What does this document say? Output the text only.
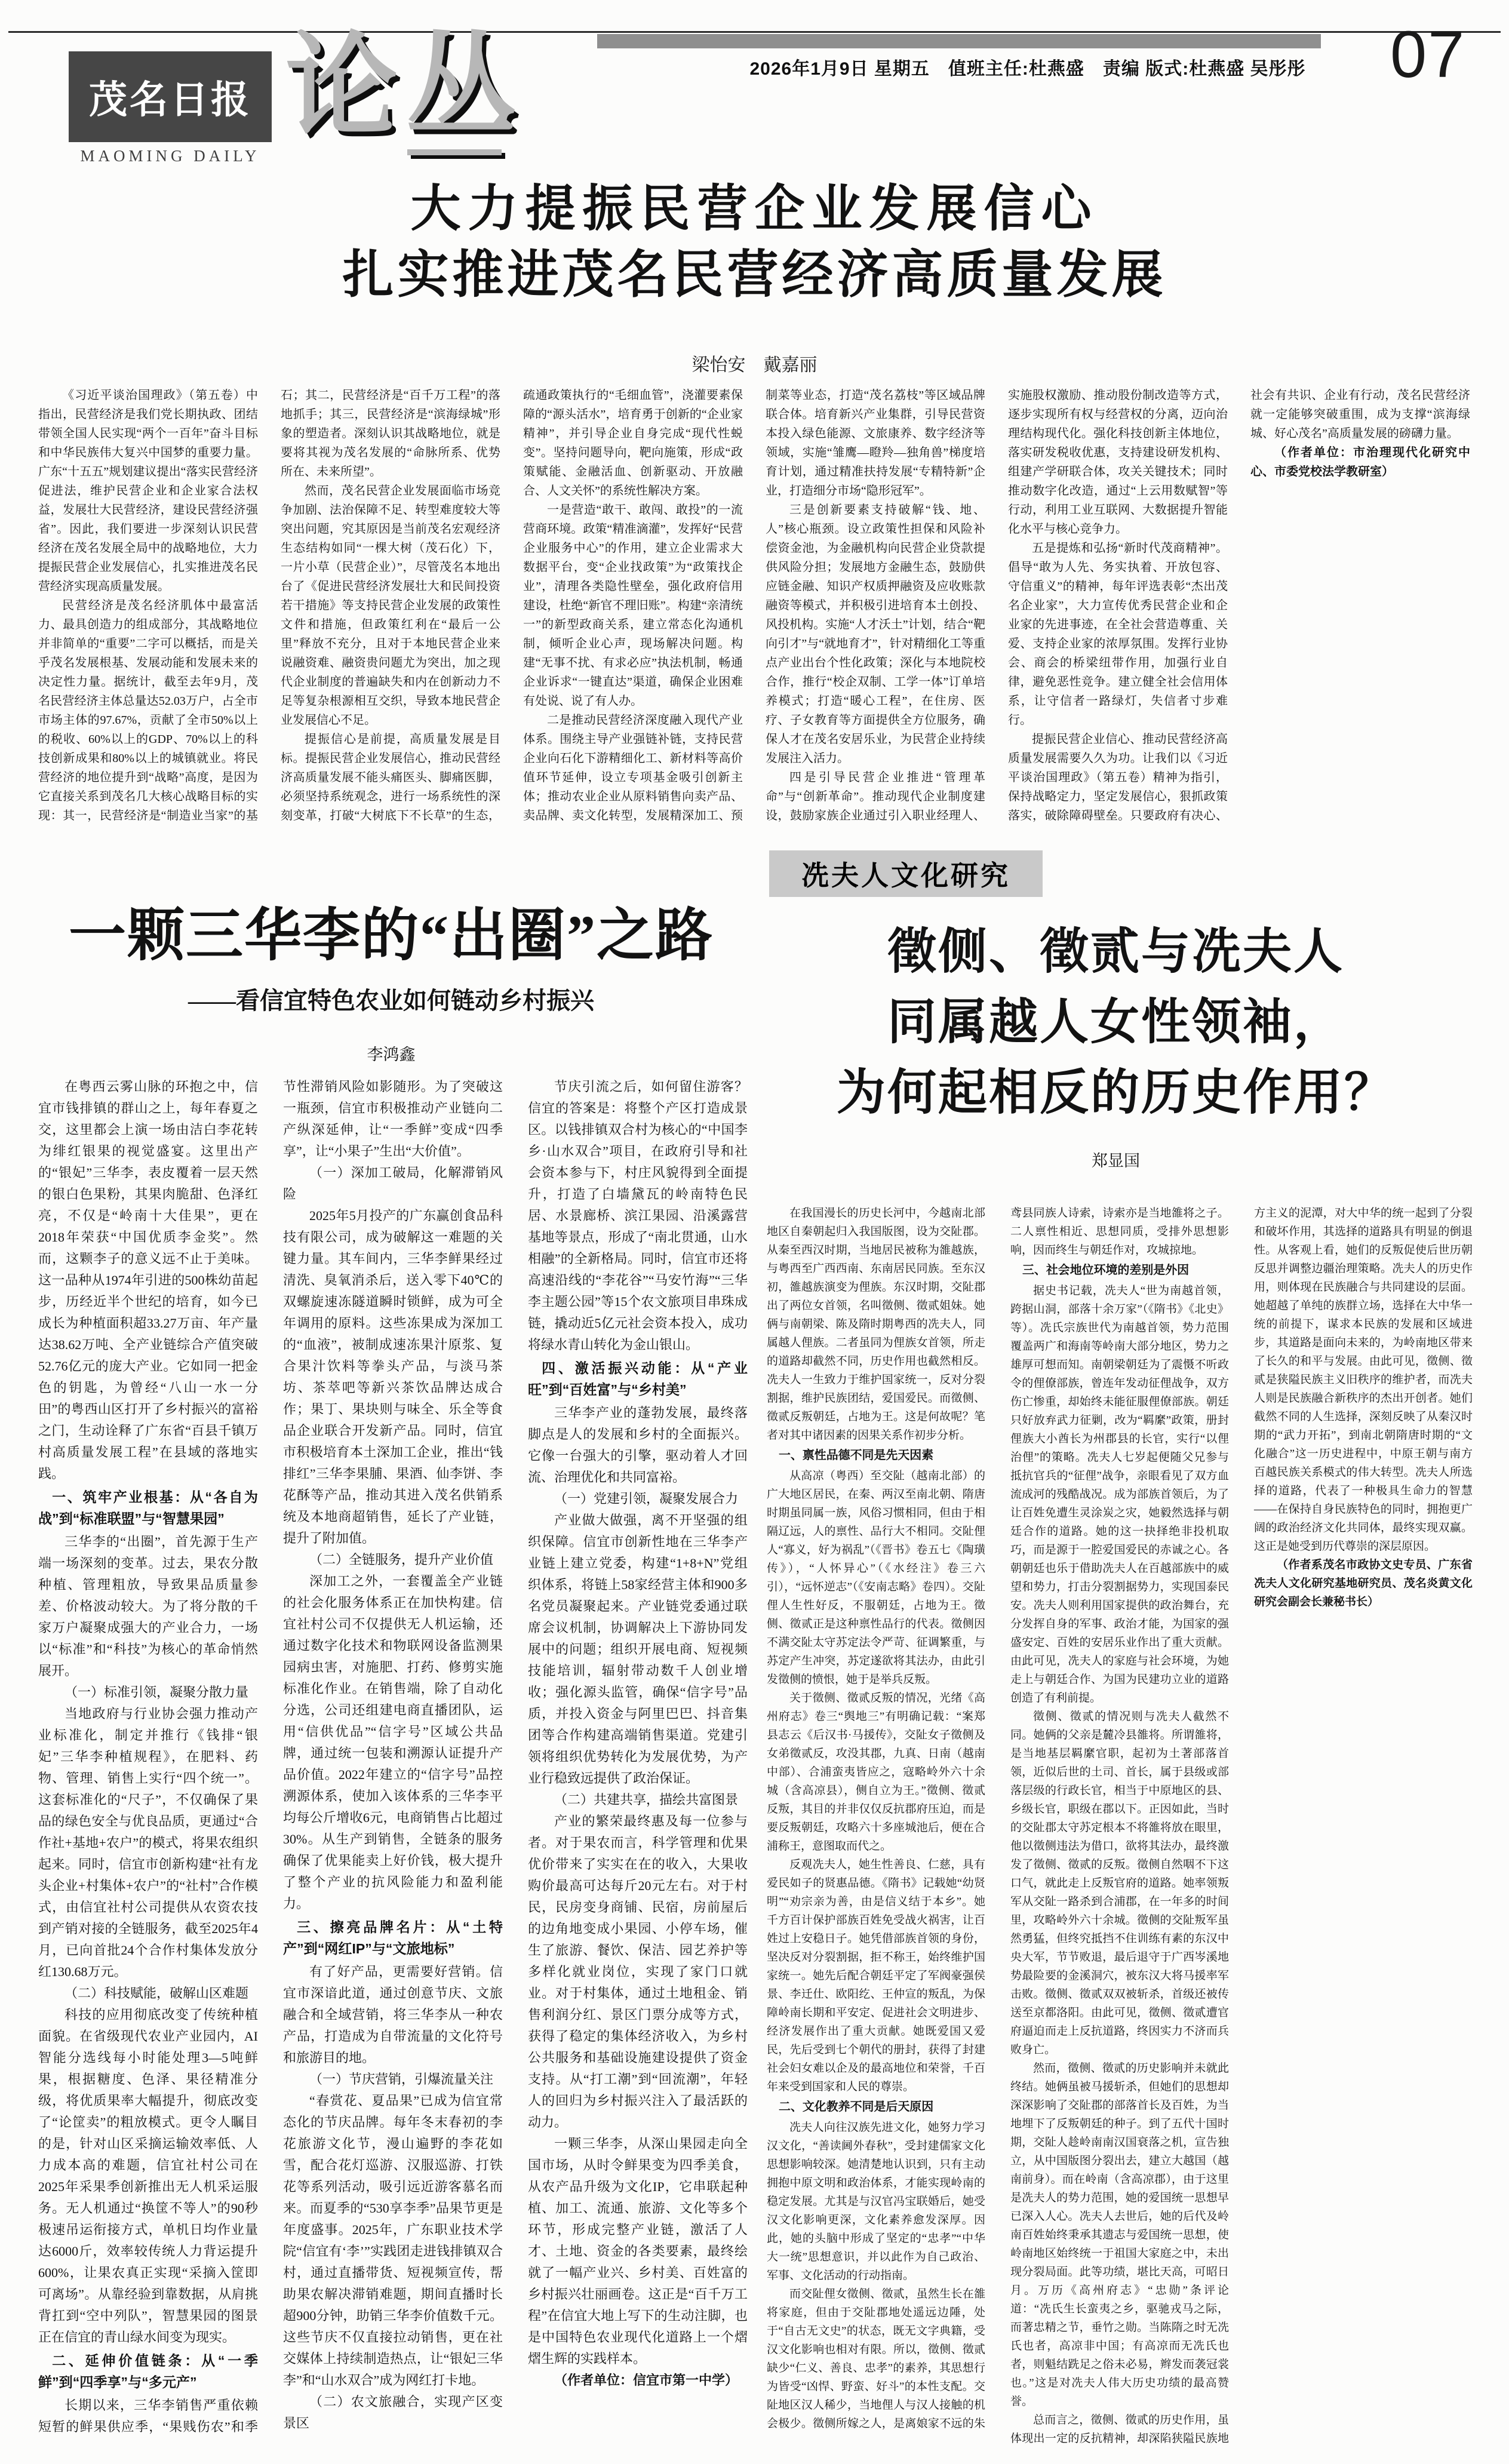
2026年1月9日 星期五　值班主任:杜燕盛　责编 版式:杜燕盛 吴彤彤 07
茂名日报
MAOMING DAILY
论丛
大力提振民营企业发展信心
扎实推进茂名民营经济高质量发展
梁怡安　戴嘉丽
《习近平谈治国理政》（第五卷）中指出，民营经济是我们党长期执政、团结带领全国人民实现“两个一百年”奋斗目标和中华民族伟大复兴中国梦的重要力量。广东“十五五”规划建议提出“落实民营经济促进法，维护民营企业和企业家合法权益，发展壮大民营经济，建设民营经济强省”。因此，我们要进一步深刻认识民营经济在茂名发展全局中的战略地位，大力提振民营企业发展信心，扎实推进茂名民营经济实现高质量发展。
民营经济是茂名经济肌体中最富活力、最具创造力的组成部分，其战略地位并非简单的“重要”二字可以概括，而是关乎茂名发展根基、发展动能和发展未来的决定性力量。据统计，截至去年9月，茂名民营经济主体总量达52.03万户，占全市市场主体的97.67%，贡献了全市50%以上的税收、60%以上的GDP、70%以上的科技创新成果和80%以上的城镇就业。将民营经济的地位提升到“战略”高度，是因为它直接关系到茂名几大核心战略目标的实现：其一，民营经济是“制造业当家”的基石；其二，民营经济是“百千万工程”的落地抓手；其三，民营经济是“滨海绿城”形象的塑造者。深刻认识其战略地位，就是要将其视为茂名发展的“命脉所系、优势所在、未来所望”。
然而，茂名民营企业发展面临市场竞争加剧、法治保障不足、转型难度较大等突出问题，究其原因是当前茂名宏观经济生态结构如同“一棵大树（茂石化）下，一片小草（民营企业）”，尽管茂名本地出台了《促进民营经济发展壮大和民间投资若干措施》等支持民营企业发展的政策性文件和措施，但政策红利在“最后一公里”释放不充分，且对于本地民营企业来说融资难、融资贵问题尤为突出，加之现代企业制度的普遍缺失和内在创新动力不足等复杂根源相互交织，导致本地民营企业发展信心不足。
提振信心是前提，高质量发展是目标。提振民营企业发展信心，推动民营经济高质量发展不能头痛医头、脚痛医脚，必须坚持系统观念，进行一场系统性的深刻变革，打破“大树底下不长草”的生态，疏通政策执行的“毛细血管”，浇灌要素保障的“源头活水”，培育勇于创新的“企业家精神”，并引导企业自身完成“现代性蜕变”。坚持问题导向，靶向施策，形成“政策赋能、金融活血、创新驱动、开放融合、人文关怀”的系统性解决方案。
一是营造“敢干、敢闯、敢投”的一流营商环境。政策“精准滴灌”，发挥好“民营企业服务中心”的作用，建立企业需求大数据平台，变“企业找政策”为“政策找企业”，清理各类隐性壁垒，强化政府信用建设，杜绝“新官不理旧账”。构建“亲清统一”的新型政商关系，建立常态化沟通机制，倾听企业心声，现场解决问题。构建“无事不扰、有求必应”执法机制，畅通企业诉求“一键直达”渠道，确保企业困难有处说、说了有人办。
二是推动民营经济深度融入现代产业体系。围绕主导产业强链补链，支持民营企业向石化下游精细化工、新材料等高价值环节延伸，设立专项基金吸引创新主体；推动农业企业从原料销售向卖产品、卖品牌、卖文化转型，发展精深加工、预制菜等业态，打造“茂名荔枝”等区域品牌联合体。培育新兴产业集群，引导民营资本投入绿色能源、文旅康养、数字经济等领域，实施“雏鹰—瞪羚—独角兽”梯度培育计划，通过精准扶持发展“专精特新”企业，打造细分市场“隐形冠军”。
三是创新要素支持破解“钱、地、人”核心瓶颈。设立政策性担保和风险补偿资金池，为金融机构向民营企业贷款提供风险分担；发展地方金融生态，鼓励供应链金融、知识产权质押融资及应收账款融资等模式，并积极引进培育本土创投、风投机构。实施“人才沃土”计划，结合“靶向引才”与“就地育才”，针对精细化工等重点产业出台个性化政策；深化与本地院校合作，推行“校企双制、工学一体”订单培养模式；打造“暖心工程”，在住房、医疗、子女教育等方面提供全方位服务，确保人才在茂名安居乐业，为民营企业持续发展注入活力。
四是引导民营企业推进“管理革命”与“创新革命”。推动现代企业制度建设，鼓励家族企业通过引入职业经理人、实施股权激励、推动股份制改造等方式，逐步实现所有权与经营权的分离，迈向治理结构现代化。强化科技创新主体地位，落实研发税收优惠，支持建设研发机构、组建产学研联合体，攻关关键技术；同时推动数字化改造，通过“上云用数赋智”等行动，利用工业互联网、大数据提升智能化水平与核心竞争力。
五是提炼和弘扬“新时代茂商精神”。倡导“敢为人先、务实执着、开放包容、守信重义”的精神，每年评选表彰“杰出茂名企业家”，大力宣传优秀民营企业和企业家的先进事迹，在全社会营造尊重、关爱、支持企业家的浓厚氛围。发挥行业协会、商会的桥梁纽带作用，加强行业自律，避免恶性竞争。建立健全社会信用体系，让守信者一路绿灯，失信者寸步难行。
提振民营企业信心、推动民营经济高质量发展需要久久为功。让我们以《习近平谈治国理政》（第五卷）精神为指引，保持战略定力，坚定发展信心，狠抓政策落实，破除障碍壁垒。只要政府有决心、社会有共识、企业有行动，茂名民营经济就一定能够突破重围，成为支撑“滨海绿城、好心茂名”高质量发展的磅礴力量。
（作者单位：市治理现代化研究中心、市委党校法学教研室）
一颗三华李的“出圈”之路
——看信宜特色农业如何链动乡村振兴
李鸿鑫
在粤西云雾山脉的环抱之中，信宜市钱排镇的群山之上，每年春夏之交，这里都会上演一场由洁白李花转为绯红银果的视觉盛宴。这里出产的“银妃”三华李，表皮覆着一层天然的银白色果粉，其果肉脆甜、色泽红亮，不仅是“岭南十大佳果”，更在2018年荣获“中国优质李金奖”。然而，这颗李子的意义远不止于美味。这一品种从1974年引进的500株幼苗起步，历经近半个世纪的培育，如今已成长为种植面积超33.27万亩、年产量达38.62万吨、全产业链综合产值突破52.76亿元的庞大产业。它如同一把金色的钥匙，为曾经“八山一水一分田”的粤西山区打开了乡村振兴的富裕之门，生动诠释了广东省“百县千镇万村高质量发展工程”在县域的落地实践。
一、筑牢产业根基：从“各自为战”到“标准联盟”与“智慧果园”
三华李的“出圈”，首先源于生产端一场深刻的变革。过去，果农分散种植、管理粗放，导致果品质量参差、价格波动较大。为了将分散的千家万户凝聚成强大的产业合力，一场以“标准”和“科技”为核心的革命悄然展开。
（一）标准引领，凝聚分散力量
当地政府与行业协会强力推动产业标准化，制定并推行《钱排“银妃”三华李种植规程》，在肥料、药物、管理、销售上实行“四个统一”。这套标准化的“尺子”，不仅确保了果品的绿色安全与优良品质，更通过“合作社+基地+农户”的模式，将果农组织起来。同时，信宜市创新构建“社有龙头企业+村集体+农户”的“社村”合作模式，由信宜社村公司提供从农资农技到产销对接的全链服务，截至2025年4月，已向首批24个合作村集体发放分红130.68万元。
（二）科技赋能，破解山区难题
科技的应用彻底改变了传统种植面貌。在省级现代农业产业园内，AI智能分选线每小时能处理3—5吨鲜果，根据糖度、色泽、果径精准分级，将优质果率大幅提升，彻底改变了“论筐卖”的粗放模式。更令人瞩目的是，针对山区采摘运输效率低、人力成本高的难题，信宜社村公司在2025年采果季创新推出无人机采运服务。无人机通过“换筐不等人”的90秒极速吊运衔接方式，单机日均作业量达6000斤，效率较传统人力背运提升600%，让果农真正实现“采摘入筐即可离场”。从靠经验到靠数据，从肩挑背扛到“空中列队”，智慧果园的图景正在信宜的青山绿水间变为现实。
二、延伸价值链条：从“一季鲜”到“四季享”与“多元产”
长期以来，三华李销售严重依赖短暂的鲜果供应季，“果贱伤农”和季节性滞销风险如影随形。为了突破这一瓶颈，信宜市积极推动产业链向二产纵深延伸，让“一季鲜”变成“四季享”，让“小果子”生出“大价值”。
（一）深加工破局，化解滞销风险
2025年5月投产的广东赢创食品科技有限公司，成为破解这一难题的关键力量。其车间内，三华李鲜果经过清洗、臭氧消杀后，送入零下40℃的双螺旋速冻隧道瞬时锁鲜，成为可全年调用的原料。这些冻果成为深加工的“血液”，被制成速冻果汁原浆、复合果汁饮料等拳头产品，与淡马茶坊、茶萃吧等新兴茶饮品牌达成合作；果丁、果块则与味全、乐全等食品企业联合开发新产品。同时，信宜市积极培育本土深加工企业，推出“钱排红”三华李果脯、果酒、仙李饼、李花酥等产品，推动其进入茂名供销系统及本地商超销售，延长了产业链，提升了附加值。
（二）全链服务，提升产业价值
深加工之外，一套覆盖全产业链的社会化服务体系正在加快构建。信宜社村公司不仅提供无人机运输，还通过数字化技术和物联网设备监测果园病虫害，对施肥、打药、修剪实施标准化作业。在销售端，除了自动化分选，公司还组建电商直播团队，运用“信供优品”“信字号”区域公共品牌，通过统一包装和溯源认证提升产品价值。2022年建立的“信字号”品控溯源体系，使加入该体系的三华李平均每公斤增收6元，电商销售占比超过30%。从生产到销售，全链条的服务确保了优果能卖上好价钱，极大提升了整个产业的抗风险能力和盈利能力。
三、擦亮品牌名片：从“土特产”到“网红IP”与“文旅地标”
有了好产品，更需要好营销。信宜市深谙此道，通过创意节庆、文旅融合和全域营销，将三华李从一种农产品，打造成为自带流量的文化符号和旅游目的地。
（一）节庆营销，引爆流量关注
“春赏花、夏品果”已成为信宜常态化的节庆品牌。每年冬末春初的李花旅游文化节，漫山遍野的李花如雪，配合花灯巡游、汉服巡游、打铁花等系列活动，吸引远近游客慕名而来。而夏季的“530享李季”品果节更是年度盛事。2025年，广东职业技术学院“信宜有‘李’”实践团走进钱排镇双合村，通过直播带货、短视频宣传，帮助果农解决滞销难题，期间直播时长超900分钟，助销三华李价值数千元。这些节庆不仅直接拉动销售，更在社交媒体上持续制造热点，让“银妃三华李”和“山水双合”成为网红打卡地。
（二）农文旅融合，实现产区变景区
节庆引流之后，如何留住游客？信宜的答案是：将整个产区打造成景区。以钱排镇双合村为核心的“中国李乡·山水双合”项目，在政府引导和社会资本参与下，村庄风貌得到全面提升，打造了白墙黛瓦的岭南特色民居、水景廊桥、滨江果园、沿溪露营基地等景点，形成了“南北贯通，山水相融”的全新格局。同时，信宜市还将高速沿线的“李花谷”“马安竹海”“三华李主题公园”等15个农文旅项目串珠成链，撬动近5亿元社会资本投入，成功将绿水青山转化为金山银山。
四、激活振兴动能：从“产业旺”到“百姓富”与“乡村美”
三华李产业的蓬勃发展，最终落脚点是人的发展和乡村的全面振兴。它像一台强大的引擎，驱动着人才回流、治理优化和共同富裕。
（一）党建引领，凝聚发展合力
产业做大做强，离不开坚强的组织保障。信宜市创新性地在三华李产业链上建立党委，构建“1+8+N”党组织体系，将链上58家经营主体和900多名党员凝聚起来。产业链党委通过联席会议机制，协调解决上下游协同发展中的问题；组织开展电商、短视频技能培训，辐射带动数千人创业增收；强化源头监管，确保“信字号”品质，并投入资金与阿里巴巴、抖音集团等合作构建高端销售渠道。党建引领将组织优势转化为发展优势，为产业行稳致远提供了政治保证。
（二）共建共享，描绘共富图景
产业的繁荣最终惠及每一位参与者。对于果农而言，科学管理和优果优价带来了实实在在的收入，大果收购价最高可达每斤20元左右。对于村民，民房变身商铺、民宿，房前屋后的边角地变成小果园、小停车场，催生了旅游、餐饮、保洁、园艺养护等多样化就业岗位，实现了家门口就业。对于村集体，通过土地租金、销售利润分红、景区门票分成等方式，获得了稳定的集体经济收入，为乡村公共服务和基础设施建设提供了资金支持。从“打工潮”到“回流潮”，年轻人的回归为乡村振兴注入了最活跃的动力。
一颗三华李，从深山果园走向全国市场，从时令鲜果变为四季美食，从农产品升级为文化IP，它串联起种植、加工、流通、旅游、文化等多个环节，形成完整产业链，激活了人才、土地、资金的各类要素，最终绘就了一幅产业兴、乡村美、百姓富的乡村振兴壮丽画卷。这正是“百千万工程”在信宜大地上写下的生动注脚，也是中国特色农业现代化道路上一个熠熠生辉的实践样本。
（作者单位：信宜市第一中学）
冼夫人文化研究
徵侧、徵贰与冼夫人
同属越人女性领袖，
为何起相反的历史作用？
郑显国
在我国漫长的历史长河中，今越南北部地区自秦朝起归入我国版图，设为交阯郡。从秦至西汉时期，当地居民被称为雒越族，与粤西至广西西南、东南居民同族。至东汉初，雒越族演变为俚族。东汉时期，交阯郡出了两位女首领，名叫徵侧、徵贰姐妹。她俩与南朝梁、陈及隋时期粤西的冼夫人，同属越人俚族。二者虽同为俚族女首领，所走的道路却截然不同，历史作用也截然相反。冼夫人一生致力于维护国家统一，反对分裂割据，维护民族团结，爱国爱民。而徵侧、徵贰反叛朝廷，占地为王。这是何故呢？笔者对其中诸因素的因果关系作初步分析。
一、禀性品德不同是先天因素
从高凉（粤西）至交阯（越南北部）的广大地区居民，在秦、两汉至南北朝、隋唐时期虽同属一族，风俗习惯相同，但由于相隔辽远，人的禀性、品行大不相同。交阯俚人“寡义，好为祸乱”（《晋书》卷五七《陶璜传》），“人怀异心”（《水经注》卷三六引），“远怀逆志”（《安南志略》卷四）。交阯俚人生性好反，不服朝廷，占地为王。徵侧、徵贰正是这种禀性品行的代表。徵侧因不满交阯太守苏定法令严苛、征调繁重，与苏定产生冲突，苏定遂欲将其法办，由此引发徵侧的愤恨，她于是举兵反叛。
关于徵侧、徵贰反叛的情况，光绪《高州府志》卷三“舆地三”有明确记载：“案郑县志云《后汉书·马援传》，交阯女子徵侧及女弟徵贰反，攻没其郡，九真、日南（越南中部）、合浦蛮夷皆应之，寇略岭外六十余城（含高凉县），侧自立为王。”徵侧、徵贰反叛，其目的并非仅仅反抗郡府压迫，而是要反叛朝廷，攻略六十多座城池后，便在合浦称王，意图取而代之。
反观冼夫人，她生性善良、仁慈，具有爱民如子的贤惠品德。《隋书》记载她“幼贤明”“劝宗亲为善，由是信义结于本乡”。她千方百计保护部族百姓免受战火祸害，让百姓过上安稳日子。她凭借部族首领的身份，坚决反对分裂割据，拒不称王，始终维护国家统一。她先后配合朝廷平定了军阀豪强侯景、李迁仕、欧阳纥、王仲宣的叛乱，为保障岭南长期和平安定、促进社会文明进步、经济发展作出了重大贡献。她既爱国又爱民，先后受到七个朝代的册封，获得了封建社会妇女难以企及的最高地位和荣誉，千百年来受到国家和人民的尊崇。
二、文化教养不同是后天原因
冼夫人向往汉族先进文化，她努力学习汉文化，“善读阃外春秋”，受封建儒家文化思想影响较深。她清楚地认识到，只有主动拥抱中原文明和政治体系，才能实现岭南的稳定发展。尤其是与汉官冯宝联婚后，她受汉文化影响更深，文化素养愈发深厚。因此，她的头脑中形成了坚定的“忠孝”“中华大一统”思想意识，并以此作为自己政治、军事、文化活动的行动指南。
而交阯俚女徵侧、徵贰，虽然生长在雒将家庭，但由于交阯郡地处遥远边陲，处于“自古无文史”的状态，既无文字典籍，受汉文化影响也相对有限。所以，徵侧、徵贰缺少“仁义、善良、忠孝”的素养，其思想行为皆受“凶悍、野蛮、好斗”的本性支配。交阯地区汉人稀少，当地俚人与汉人接触的机会极少。徵侧所嫁之人，是离娘家不远的朱鸢县同族人诗索，诗索亦是当地雒将之子。二人禀性相近、思想同质，受排外思想影响，因而终生与朝廷作对，攻城掠地。
三、社会地位环境的差别是外因
据史书记载，冼夫人“世为南越首领，跨据山洞，部落十余万家”（《隋书》《北史》等）。冼氏宗族世代为南越首领，势力范围覆盖两广和海南等岭南大部分地区，势力之雄厚可想而知。南朝梁朝廷为了震慑不听政令的俚僚部族，曾连年发动征俚战争，双方伤亡惨重，却始终未能征服俚僚部族。朝廷只好放弃武力征剿，改为“羁縻”政策，册封俚族大小酋长为州郡县的长官，实行“以俚治俚”的策略。冼夫人七岁起便随父兄参与抵抗官兵的“征俚”战争，亲眼看见了双方血流成河的残酷战况。成为部族首领后，为了让百姓免遭生灵涂炭之灾，她毅然选择与朝廷合作的道路。她的这一抉择绝非投机取巧，而是源于一腔爱国爱民的赤诚之心。各朝朝廷也乐于借助冼夫人在百越部族中的威望和势力，打击分裂割据势力，实现国泰民安。冼夫人则利用国家提供的政治舞台，充分发挥自身的军事、政治才能，为国家的强盛安定、百姓的安居乐业作出了重大贡献。由此可见，冼夫人的家庭与社会环境，为她走上与朝廷合作、为国为民建功立业的道路创造了有利前提。
徵侧、徵贰的情况则与冼夫人截然不同。她俩的父亲是麓冷县雒将。所谓雒将，是当地基层羁縻官职，起初为土著部落首领，近似后世的土司、首长，属于县级或部落层级的行政长官，相当于中原地区的县、乡级长官，职级在郡以下。正因如此，当时的交阯郡太守苏定根本不将雒将放在眼里，他以徵侧违法为借口，欲将其法办，最终激发了徵侧、徵贰的反叛。徵侧自然咽不下这口气，就此走上反叛官府的道路。她率领叛军从交阯一路杀到合浦郡，在一年多的时间里，攻略岭外六十余城。徵侧的交阯叛军虽然勇猛，但终究抵挡不住训练有素的东汉中央大军，节节败退，最后退守于广西岑溪地势最险要的金溪洞穴，被东汉大将马援率军击败。徵侧、徵贰双双被斩杀，首级还被传送至京都洛阳。由此可见，徵侧、徵贰遭官府逼迫而走上反抗道路，终因实力不济而兵败身亡。
然而，徵侧、徵贰的历史影响并未就此终结。她俩虽被马援斩杀，但她们的思想却深深影响了交阯郡的部落首长及百姓，为当地埋下了反叛朝廷的种子。到了五代十国时期，交阯人趁岭南南汉国衰落之机，宣告独立，从中国版图分裂出去，建立大越国（越南前身）。而在岭南（含高凉郡），由于这里是冼夫人的势力范围，她的爱国统一思想早已深入人心。冼夫人去世后，她的后代及岭南百姓始终秉承其遗志与爱国统一思想，使岭南地区始终统一于祖国大家庭之中，未出现分裂局面。此等功绩，堪比天高，可昭日月。万历《高州府志》“忠勋”条评论道：“冼氏生长蛮夷之乡，驱驰戎马之际，而著忠精之节，垂竹之勋。当陈隋之时无冼氏也者，高凉非中国；有高凉而无冼氏也者，则魁结跣足之俗未必易，辫发而袭冠裳也。”这是对冼夫人伟大历史功绩的最高赞誉。
总而言之，徵侧、徵贰的历史作用，虽体现出一定的反抗精神，却深陷狭隘民族地方主义的泥潭，对大中华的统一起到了分裂和破坏作用，其选择的道路具有明显的倒退性。从客观上看，她们的反叛促使后世历朝反思并调整边疆治理策略。冼夫人的历史作用，则体现在民族融合与共同建设的层面。她超越了单纯的族群立场，选择在大中华一统的前提下，谋求本民族的发展和区域进步，其道路是面向未来的，为岭南地区带来了长久的和平与发展。由此可见，徵侧、徵贰是狭隘民族主义旧秩序的维护者，而冼夫人则是民族融合新秩序的杰出开创者。她们截然不同的人生选择，深刻反映了从秦汉时期的“武力开拓”，到南北朝隋唐时期的“文化融合”这一历史进程中，中原王朝与南方百越民族关系模式的伟大转型。冼夫人所选择的道路，代表了一种极具生命力的智慧——在保持自身民族特色的同时，拥抱更广阔的政治经济文化共同体，最终实现双赢。这正是她受到历代尊崇的深层原因。
（作者系茂名市政协文史专员、广东省冼夫人文化研究基地研究员、茂名炎黄文化研究会副会长兼秘书长）
